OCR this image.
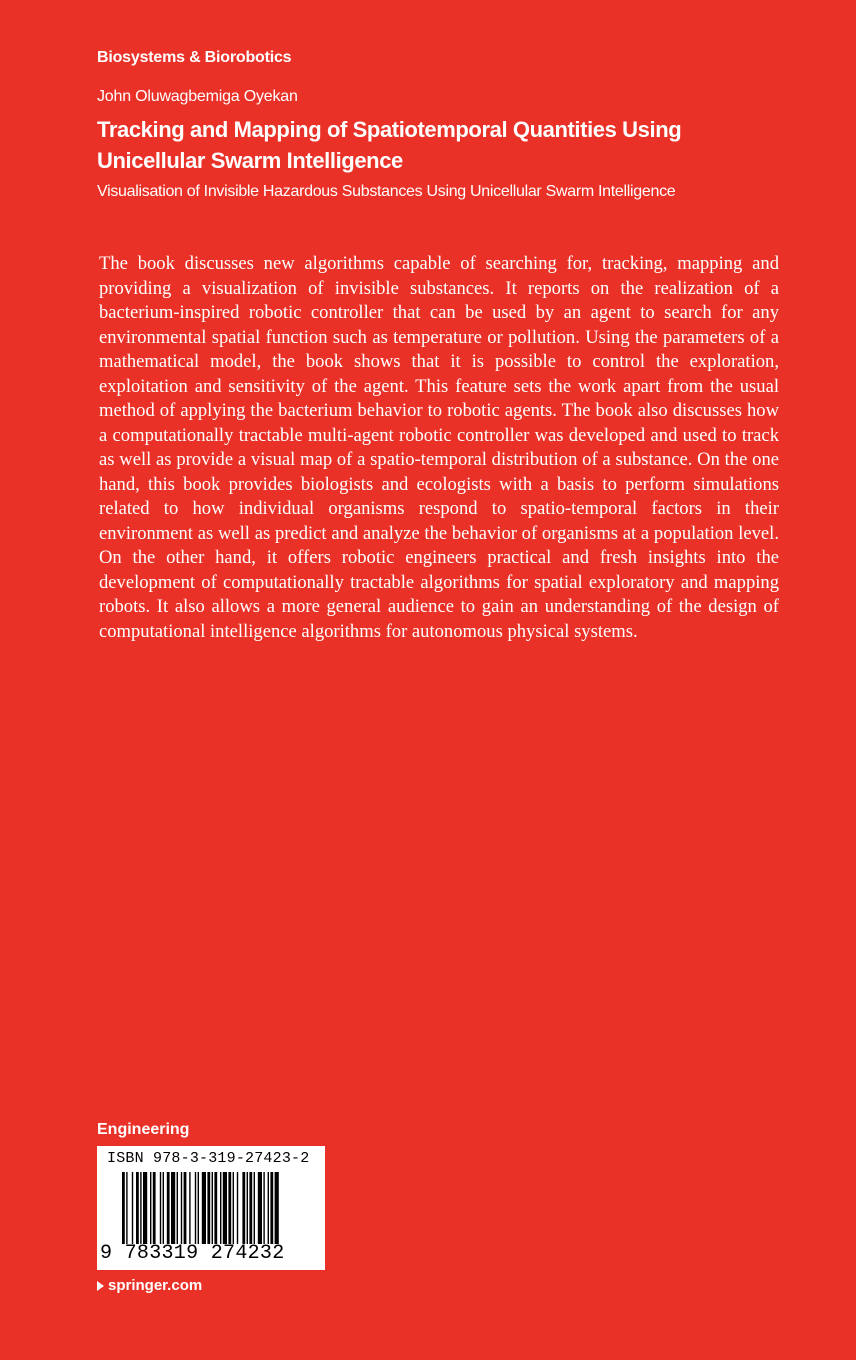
Biosystems & Biorobotics
John Oluwagbemiga Oyekan
Tracking and Mapping of Spatiotemporal Quantities Using Unicellular Swarm Intelligence
Visualisation of Invisible Hazardous Substances Using Unicellular Swarm Intelligence

The book discusses new algorithms capable of searching for, tracking, mapping and providing a visualization of invisible substances. It reports on the realization of a bacterium-inspired robotic controller that can be used by an agent to search for any environmental spatial function such as temperature or pollution. Using the parameters of a mathematical model, the book shows that it is possible to control the exploration, exploitation and sensitivity of the agent. This feature sets the work apart from the usual method of applying the bacterium behavior to robotic agents. The book also discusses how a computationally tractable multi-agent robotic controller was developed and used to track as well as provide a visual map of a spatio-temporal distribution of a substance. On the one hand, this book provides biologists and ecologists with a basis to perform simulations related to how individual organisms respond to spatio-temporal factors in their environment as well as predict and analyze the behavior of organisms at a population level. On the other hand, it offers robotic engineers practical and fresh insights into the development of computationally tractable algorithms for spatial exploratory and mapping robots. It also allows a more general audience to gain an understanding of the design of computational intelligence algorithms for autonomous physical systems.

Engineering
ISBN 978-3-319-27423-2
9 783319 274232
springer.com
